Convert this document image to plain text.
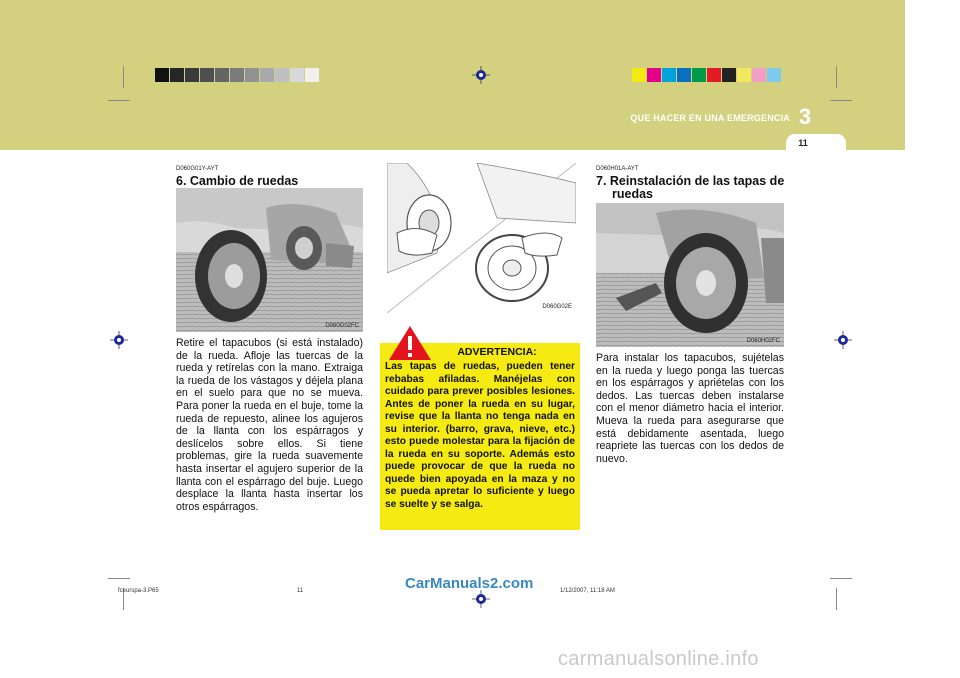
QUE HACER EN UNA EMERGENCIA 3
11
D060G01Y-AYT
6. Cambio de ruedas
D060G02FC
Retire el tapacubos (si está instalado) de la rueda. Afloje las tuercas de la rueda y retírelas con la mano. Extraiga la rueda de los vástagos y déjela plana en el suelo para que no se mueva. Para poner la rueda en el buje, tome la rueda de repuesto, alinee los agujeros de la llanta con los espárragos y deslícelos sobre ellos. Si tiene problemas, gire la rueda suavemente hasta insertar el agujero superior de la llanta con el espárrago del buje. Luego desplace la llanta hasta insertar los otros espárragos.
D060G02E
ADVERTENCIA:
Las tapas de ruedas, pueden tener rebabas afiladas. Manéjelas con cuidado para prever posibles lesiones. Antes de poner la rueda en su lugar, revise que la llanta no tenga nada en su interior. (barro, grava, nieve, etc.) esto puede molestar para la fijación de la rueda en su soporte. Además esto puede provocar de que la rueda no quede bien apoyada en la maza y no se pueda apretar lo suficiente y luego se suelte y se salga.
D060H01A-AYT
7. Reinstalación de las tapas de
ruedas
D060H02FC
Para instalar los tapacubos, sujételas en la rueda y luego ponga las tuercas en los espárragos y apriételas con los dedos. Las tuercas deben instalarse con el menor diámetro hacia el interior. Mueva la rueda para asegurarse que está debidamente asentada, luego reapriete las tuercas con los dedos de nuevo.
fceurspa-3.P65	11	1/12/2007, 11:18 AM
CarManuals2.com
carmanualsonline.info
